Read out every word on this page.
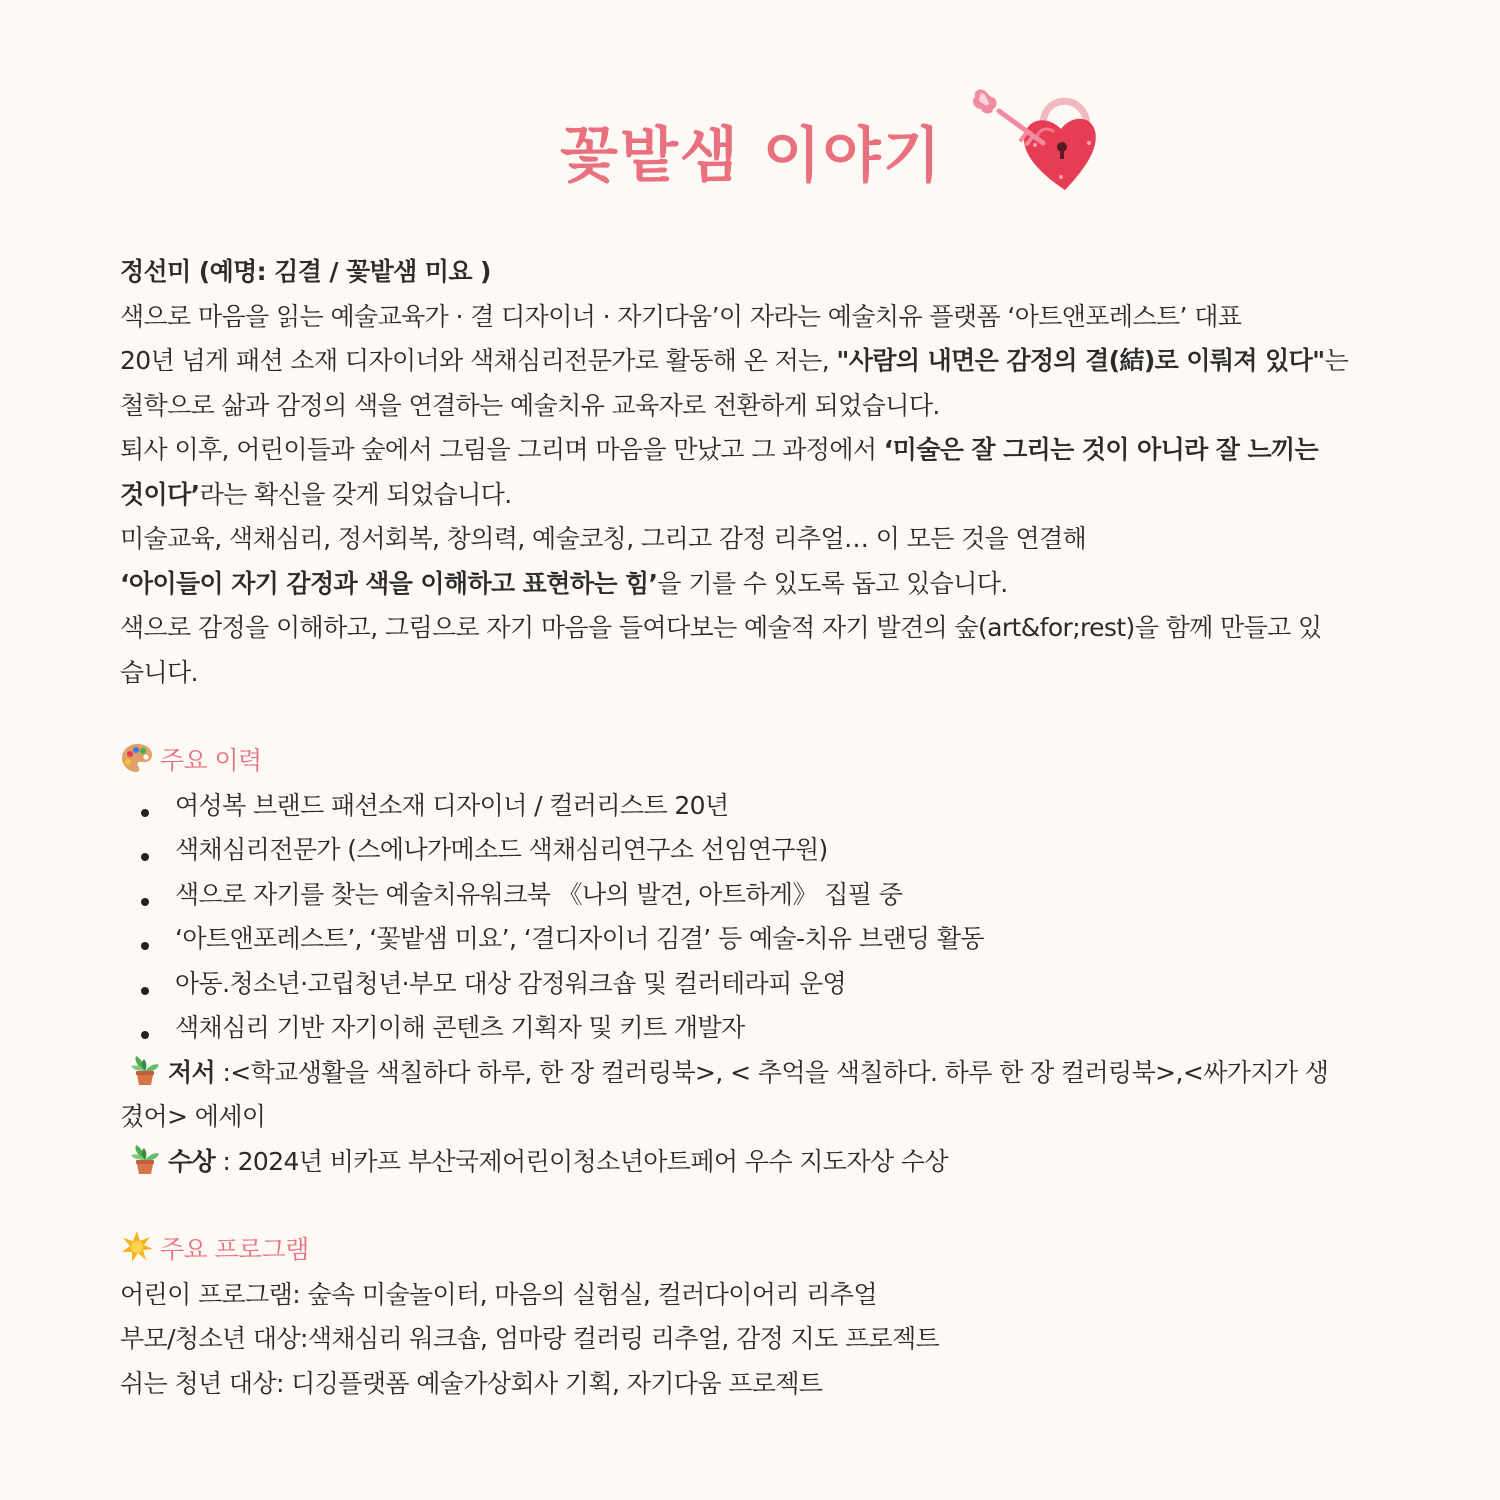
꽃밭샘 이야기

정선미 (예명: 김결 / 꽃밭샘 미요 )

색으로 마음을 읽는 예술교육가 · 결 디자이너 · 자기다움’이 자라는 예술치유 플랫폼 ‘아트앤포레스트’ 대표

20년 넘게 패션 소재 디자이너와 색채심리전문가로 활동해 온 저는, "사람의 내면은 감정의 결(結)로 이뤄져 있다"는

철학으로 삶과 감정의 색을 연결하는 예술치유 교육자로 전환하게 되었습니다.

퇴사 이후, 어린이들과 숲에서 그림을 그리며 마음을 만났고 그 과정에서 ‘미술은 잘 그리는 것이 아니라 잘 느끼는

것이다’라는 확신을 갖게 되었습니다.

미술교육, 색채심리, 정서회복, 창의력, 예술코칭, 그리고 감정 리추얼… 이 모든 것을 연결해

‘아이들이 자기 감정과 색을 이해하고 표현하는 힘’을 기를 수 있도록 돕고 있습니다.

색으로 감정을 이해하고, 그림으로 자기 마음을 들여다보는 예술적 자기 발견의 숲(art&for;rest)을 함께 만들고 있

습니다.

주요 이력
여성복 브랜드 패션소재 디자이너 / 컬러리스트 20년
색채심리전문가 (스에나가메소드 색채심리연구소 선임연구원)
색으로 자기를 찾는 예술치유워크북 《나의 발견, 아트하게》 집필 중
‘아트앤포레스트’, ‘꽃밭샘 미요’, ‘결디자이너 김결’ 등 예술-치유 브랜딩 활동
아동.청소년·고립청년·부모 대상 감정워크숍 및 컬러테라피 운영
색채심리 기반 자기이해 콘텐츠 기획자 및 키트 개발자

저서 :<학교생활을 색칠하다 하루, 한 장 컬러링북>, < 추억을 색칠하다. 하루 한 장 컬러링북>,<싸가지가 생

겼어> 에세이

수상 : 2024년 비카프 부산국제어린이청소년아트페어 우수 지도자상 수상

주요 프로그램

어린이 프로그램: 숲속 미술놀이터, 마음의 실험실, 컬러다이어리 리추얼

부모/청소년 대상:색채심리 워크숍, 엄마랑 컬러링 리추얼, 감정 지도 프로젝트

쉬는 청년 대상: 디깅플랫폼 예술가상회사 기획, 자기다움 프로젝트
